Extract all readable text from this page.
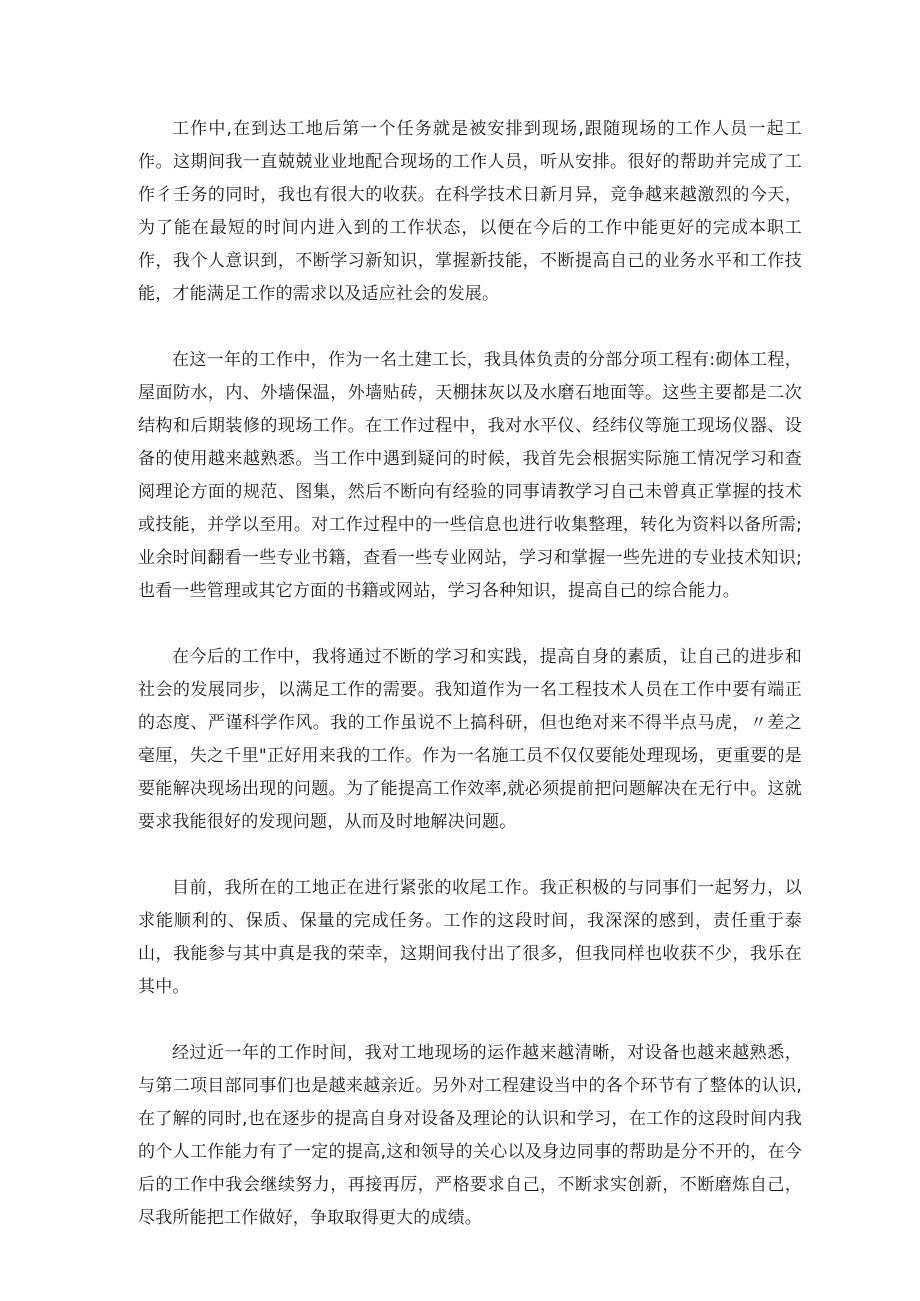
工作中,在到达工地后第一个任务就是被安排到现场,跟随现场的工作人员一起工作。这期间我一直兢兢业业地配合现场的工作人员，听从安排。很好的帮助并完成了工作彳壬务的同时，我也有很大的收获。在科学技术日新月异，竞争越来越激烈的今天，为了能在最短的时间内进入到的工作状态，以便在今后的工作中能更好的完成本职工作，我个人意识到，不断学习新知识，掌握新技能，不断提高自己的业务水平和工作技能，才能满足工作的需求以及适应社会的发展。

在这一年的工作中，作为一名土建工长，我具体负责的分部分项工程有:砌体工程，屋面防水，内、外墙保温，外墙贴砖，天棚抹灰以及水磨石地面等。这些主要都是二次结构和后期装修的现场工作。在工作过程中，我对水平仪、经纬仪等施工现场仪器、设备的使用越来越熟悉。当工作中遇到疑问的时候，我首先会根据实际施工情况学习和查阅理论方面的规范、图集，然后不断向有经验的同事请教学习自己未曾真正掌握的技术或技能，并学以至用。对工作过程中的一些信息也进行收集整理，转化为资料以备所需;业余时间翻看一些专业书籍，查看一些专业网站，学习和掌握一些先进的专业技术知识;也看一些管理或其它方面的书籍或网站，学习各种知识，提高自己的综合能力。

在今后的工作中，我将通过不断的学习和实践，提高自身的素质，让自己的进步和社会的发展同步，以满足工作的需要。我知道作为一名工程技术人员在工作中要有端正的态度、严谨科学作风。我的工作虽说不上搞科研，但也绝对来不得半点马虎，〃差之毫厘，失之千里"正好用来我的工作。作为一名施工员不仅仅要能处理现场，更重要的是要能解决现场出现的问题。为了能提高工作效率,就必须提前把问题解决在无行中。这就要求我能很好的发现问题，从而及时地解决问题。

目前，我所在的工地正在进行紧张的收尾工作。我正积极的与同事们一起努力，以求能顺利的、保质、保量的完成任务。工作的这段时间，我深深的感到，责任重于泰山，我能参与其中真是我的荣幸，这期间我付出了很多，但我同样也收获不少，我乐在其中。

经过近一年的工作时间，我对工地现场的运作越来越清晰，对设备也越来越熟悉，与第二项目部同事们也是越来越亲近。另外对工程建设当中的各个环节有了整体的认识,在了解的同时,也在逐步的提高自身对设备及理论的认识和学习，在工作的这段时间内我的个人工作能力有了一定的提高,这和领导的关心以及身边同事的帮助是分不开的，在今后的工作中我会继续努力，再接再厉，严格要求自己，不断求实创新，不断磨炼自己，尽我所能把工作做好，争取取得更大的成绩。
